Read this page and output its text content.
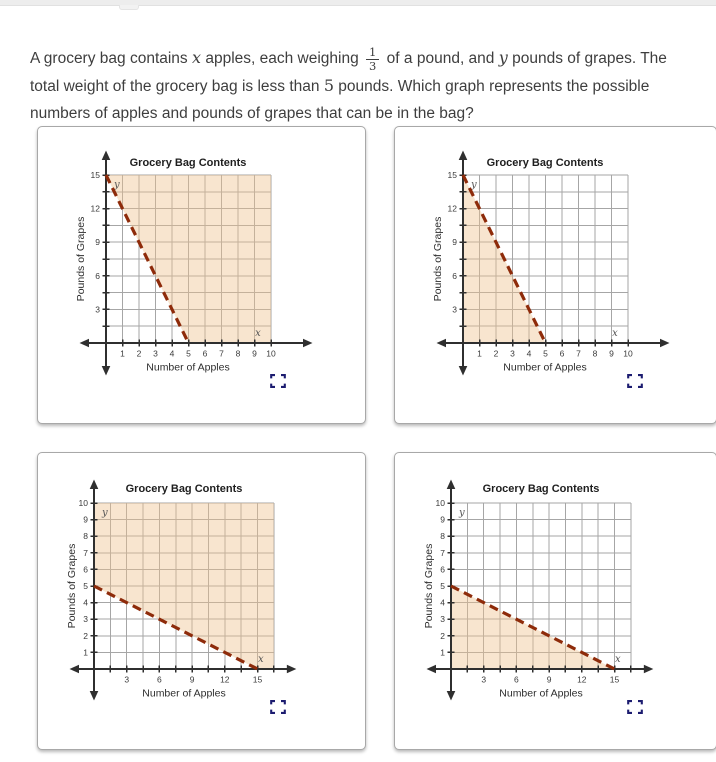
A grocery bag contains x apples, each weighing $\frac{1}{3}$ of a pound, and y pounds of grapes. The total weight of the grocery bag is less than 5 pounds. Which graph represents the possible numbers of apples and pounds of grapes that can be in the bag?

1 2 3 4 5 6 7 8 9 10
3
6
9
12
15
Grocery Bag Contents
Number of Apples
Pounds of Grapes
y
x
1 2 3 4 5 6 7 8 9 10
3
6
9
12
15
Grocery Bag Contents
Number of Apples
Pounds of Grapes
y
x
3	6	9	12	15
1
2
3
4
5
6
7
8
9
10
Grocery Bag Contents
Number of Apples
Pounds of Grapes
y
x
3	6	9	12	15
1
2
3
4
5
6
7
8
9
10
Grocery Bag Contents
Number of Apples
Pounds of Grapes
y
x
